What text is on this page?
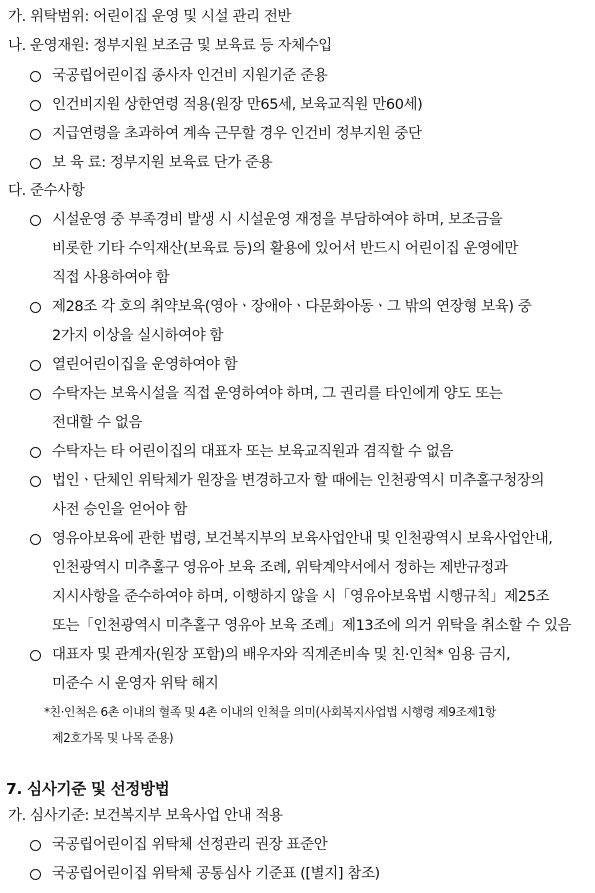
가. 위탁범위: 어린이집 운영 및 시설 관리 전반
나. 운영재원: 정부지원 보조금 및 보육료 등 자체수입
국공립어린이집 종사자 인건비 지원기준 준용
인건비지원 상한연령 적용(원장 만65세, 보육교직원 만60세)
지급연령을 초과하여 계속 근무할 경우 인건비 정부지원 중단
보 육 료: 정부지원 보육료 단가 준용
다. 준수사항
시설운영 중 부족경비 발생 시 시설운영 재정을 부담하여야 하며, 보조금을
비롯한 기타 수익재산(보육료 등)의 활용에 있어서 반드시 어린이집 운영에만
직접 사용하여야 함
제28조 각 호의 취약보육(영아ㆍ장애아ㆍ다문화아동ㆍ그 밖의 연장형 보육) 중
2가지 이상을 실시하여야 함
열린어린이집을 운영하여야 함
수탁자는 보육시설을 직접 운영하여야 하며, 그 권리를 타인에게 양도 또는
전대할 수 없음
수탁자는 타 어린이집의 대표자 또는 보육교직원과 겸직할 수 없음
법인ㆍ단체인 위탁체가 원장을 변경하고자 할 때에는 인천광역시 미추홀구청장의
사전 승인을 얻어야 함
영유아보육에 관한 법령, 보건복지부의 보육사업안내 및 인천광역시 보육사업안내,
인천광역시 미추홀구 영유아 보육 조례, 위탁계약서에서 정하는 제반규정과
지시사항을 준수하여야 하며, 이행하지 않을 시「영유아보육법 시행규칙」제25조
또는「인천광역시 미추홀구 영유아 보육 조례」제13조에 의거 위탁을 취소할 수 있음
대표자 및 관계자(원장 포함)의 배우자와 직계존비속 및 친·인척* 임용 금지,
미준수 시 운영자 위탁 해지
*친·인척은 6촌 이내의 혈족 및 4촌 이내의 인척을 의미(사회복지사업법 시행령 제9조제1항
제2호가목 및 나목 준용)
7. 심사기준 및 선정방법
가. 심사기준: 보건복지부 보육사업 안내 적용
국공립어린이집 위탁체 선정관리 권장 표준안
국공립어린이집 위탁체 공통심사 기준표 ([별지] 참조)
